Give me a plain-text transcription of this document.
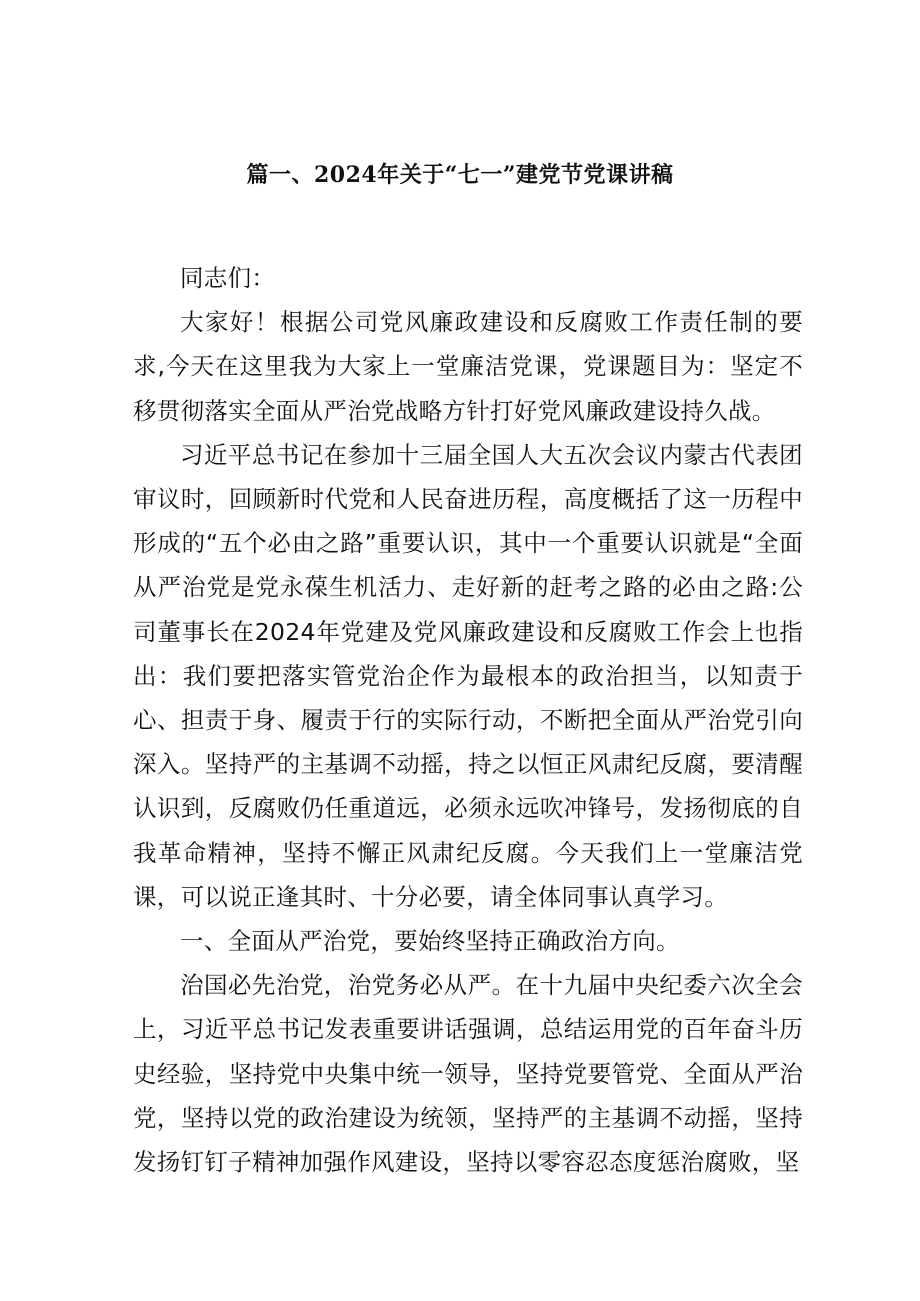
篇一、2024年关于“七一”建党节党课讲稿

同志们：

大家好！根据公司党风廉政建设和反腐败工作责任制的要求,今天在这里我为大家上一堂廉洁党课，党课题目为：坚定不移贯彻落实全面从严治党战略方针打好党风廉政建设持久战。

习近平总书记在参加十三届全国人大五次会议内蒙古代表团审议时，回顾新时代党和人民奋进历程，高度概括了这一历程中形成的“五个必由之路”重要认识，其中一个重要认识就是“全面从严治党是党永葆生机活力、走好新的赶考之路的必由之路:公司董事长在2024年党建及党风廉政建设和反腐败工作会上也指出：我们要把落实管党治企作为最根本的政治担当，以知责于心、担责于身、履责于行的实际行动，不断把全面从严治党引向深入。坚持严的主基调不动摇，持之以恒正风肃纪反腐，要清醒认识到，反腐败仍任重道远，必须永远吹冲锋号，发扬彻底的自我革命精神，坚持不懈正风肃纪反腐。今天我们上一堂廉洁党课，可以说正逢其时、十分必要，请全体同事认真学习。

一、全面从严治党，要始终坚持正确政治方向。

治国必先治党，治党务必从严。在十九届中央纪委六次全会上，习近平总书记发表重要讲话强调，总结运用党的百年奋斗历史经验，坚持党中央集中统一领导，坚持党要管党、全面从严治党，坚持以党的政治建设为统领，坚持严的主基调不动摇，坚持发扬钉钉子精神加强作风建设，坚持以零容忍态度惩治腐败，坚
